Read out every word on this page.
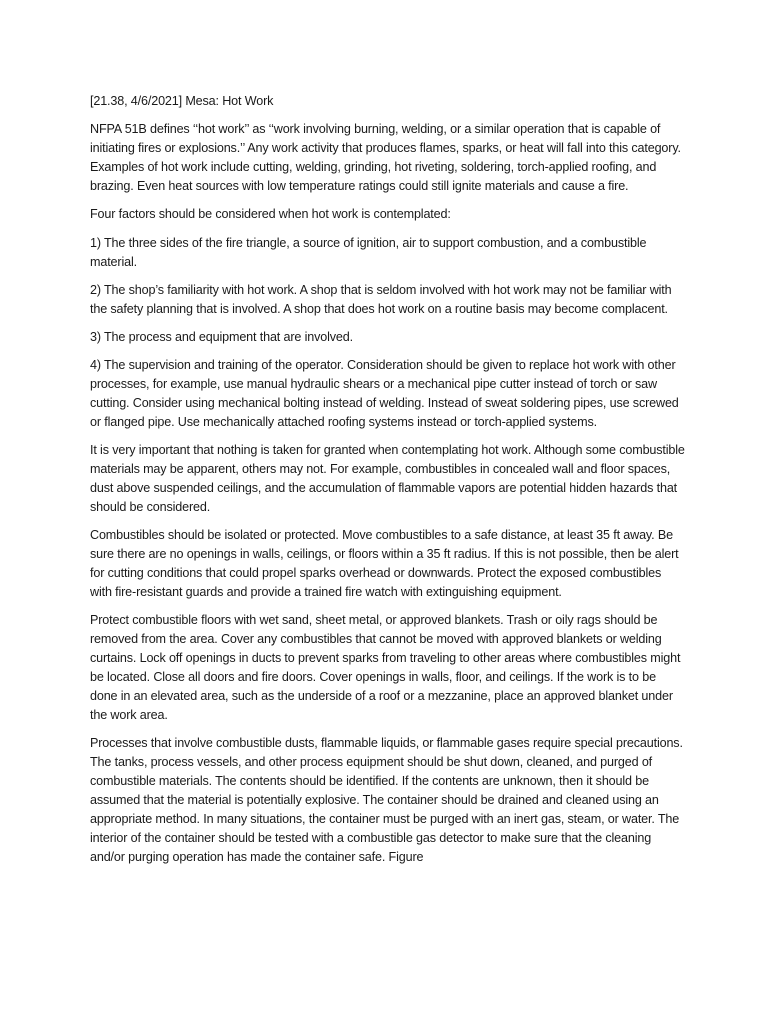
[21.38, 4/6/2021] Mesa: Hot Work

NFPA 51B defines ‘‘hot work’’ as ‘‘work involving burning, welding, or a similar operation that is capable of initiating fires or explosions.’’ Any work activity that produces flames, sparks, or heat will fall into this category. Examples of hot work include cutting, welding, grinding, hot riveting, soldering, torch-applied roofing, and brazing. Even heat sources with low temperature ratings could still ignite materials and cause a fire.

Four factors should be considered when hot work is contemplated:

1) The three sides of the fire triangle, a source of ignition, air to support combustion, and a combustible material.

2) The shop’s familiarity with hot work. A shop that is seldom involved with hot work may not be familiar with the safety planning that is involved. A shop that does hot work on a routine basis may become complacent.

3) The process and equipment that are involved.

4) The supervision and training of the operator. Consideration should be given to replace hot work with other processes, for example, use manual hydraulic shears or a mechanical pipe cutter instead of torch or saw cutting. Consider using mechanical bolting instead of welding. Instead of sweat soldering pipes, use screwed or flanged pipe. Use mechanically attached roofing systems instead or torch-applied systems.

It is very important that nothing is taken for granted when contemplating hot work. Although some combustible materials may be apparent, others may not. For example, combustibles in concealed wall and floor spaces, dust above suspended ceilings, and the accumulation of flammable vapors are potential hidden hazards that should be considered.

Combustibles should be isolated or protected. Move combustibles to a safe distance, at least 35 ft away. Be sure there are no openings in walls, ceilings, or floors within a 35 ft radius. If this is not possible, then be alert for cutting conditions that could propel sparks overhead or downwards. Protect the exposed combustibles with fire-resistant guards and provide a trained fire watch with extinguishing equipment.

Protect combustible floors with wet sand, sheet metal, or approved blankets. Trash or oily rags should be removed from the area. Cover any combustibles that cannot be moved with approved blankets or welding curtains. Lock off openings in ducts to prevent sparks from traveling to other areas where combustibles might be located. Close all doors and fire doors. Cover openings in walls, floor, and ceilings. If the work is to be done in an elevated area, such as the underside of a roof or a mezzanine, place an approved blanket under the work area.

Processes that involve combustible dusts, flammable liquids, or flammable gases require special precautions. The tanks, process vessels, and other process equipment should be shut down, cleaned, and purged of combustible materials. The contents should be identified. If the contents are unknown, then it should be assumed that the material is potentially explosive. The container should be drained and cleaned using an appropriate method. In many situations, the container must be purged with an inert gas, steam, or water. The interior of the container should be tested with a combustible gas detector to make sure that the cleaning and/or purging operation has made the container safe. Figure
